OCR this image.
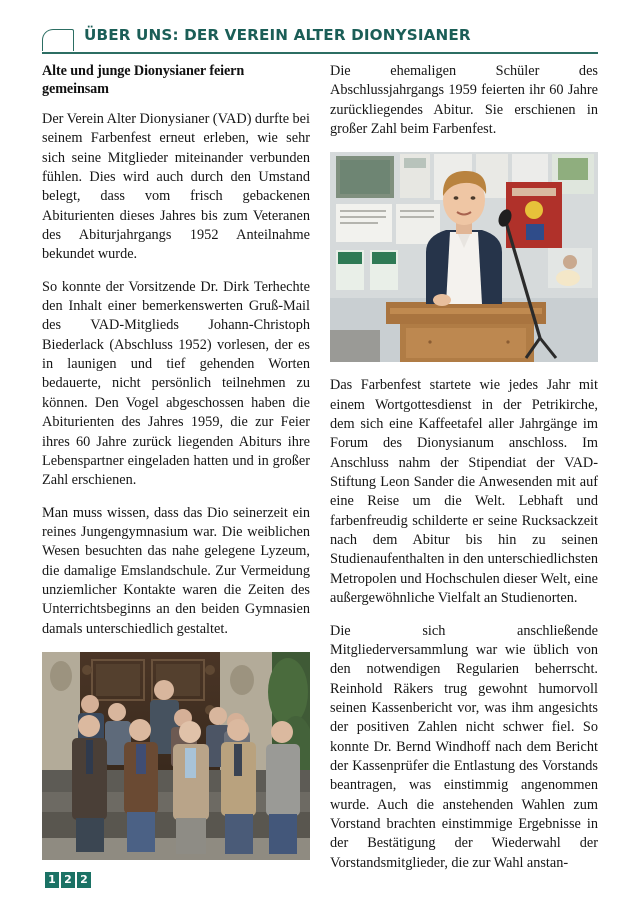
ÜBER UNS: DER VEREIN ALTER DIONYSIANER
Alte und junge Dionysianer feiern gemeinsam

Der Verein Alter Dionysianer (VAD) durfte bei seinem Farbenfest erneut erleben, wie sehr sich seine Mitglieder miteinander verbunden fühlen. Dies wird auch durch den Umstand belegt, dass vom frisch gebackenen Abiturienten dieses Jahres bis zum Veteranen des Abiturjahrgangs 1952 Anteilnahme bekundet wurde.

So konnte der Vorsitzende Dr. Dirk Terhechte den Inhalt einer bemerkenswerten Gruß-Mail des VAD-Mitglieds Johann-Christoph Biederlack (Abschluss 1952) vorlesen, der es in launigen und tief gehenden Worten bedauerte, nicht persönlich teilnehmen zu können. Den Vogel abgeschossen haben die Abiturienten des Jahres 1959, die zur Feier ihres 60 Jahre zurück liegenden Abiturs ihre Lebenspartner eingeladen hatten und in großer Zahl erschienen.

Man muss wissen, dass das Dio seinerzeit ein reines Jungengymnasium war. Die weiblichen Wesen besuchten das nahe gelegene Lyzeum, die damalige Emslandschule. Zur Vermeidung unziemlicher Kontakte waren die Zeiten des Unterrichtsbeginns an den beiden Gymnasien damals unterschiedlich gestaltet.

Die ehemaligen Schüler des Abschlussjahrgangs 1959 feierten ihr 60 Jahre zurückliegendes Abitur. Sie erschienen in großer Zahl beim Farbenfest.

Das Farbenfest startete wie jedes Jahr mit einem Wortgottesdienst in der Petrikirche, dem sich eine Kaffeetafel aller Jahrgänge im Forum des Dionysianum anschloss. Im Anschluss nahm der Stipendiat der VAD-Stiftung Leon Sander die Anwesenden mit auf eine Reise um die Welt. Lebhaft und farbenfreudig schilderte er seine Rucksackzeit nach dem Abitur bis hin zu seinen Studienaufenthalten in den unterschiedlichsten Metropolen und Hochschulen dieser Welt, eine außergewöhnliche Vielfalt an Studienorten.

Die sich anschließende Mitgliederversammlung war wie üblich von den notwendigen Regularien beherrscht. Reinhold Räkers trug gewohnt humorvoll seinen Kassenbericht vor, was ihm angesichts der positiven Zahlen nicht schwer fiel. So konnte Dr. Bernd Windhoff nach dem Bericht der Kassenprüfer die Entlastung des Vorstands beantragen, was einstimmig angenommen wurde. Auch die anstehenden Wahlen zum Vorstand brachten einstimmige Ergebnisse in der Bestätigung der Wiederwahl der Vorstandsmitglieder, die zur Wahl anstan-

1 2 2
